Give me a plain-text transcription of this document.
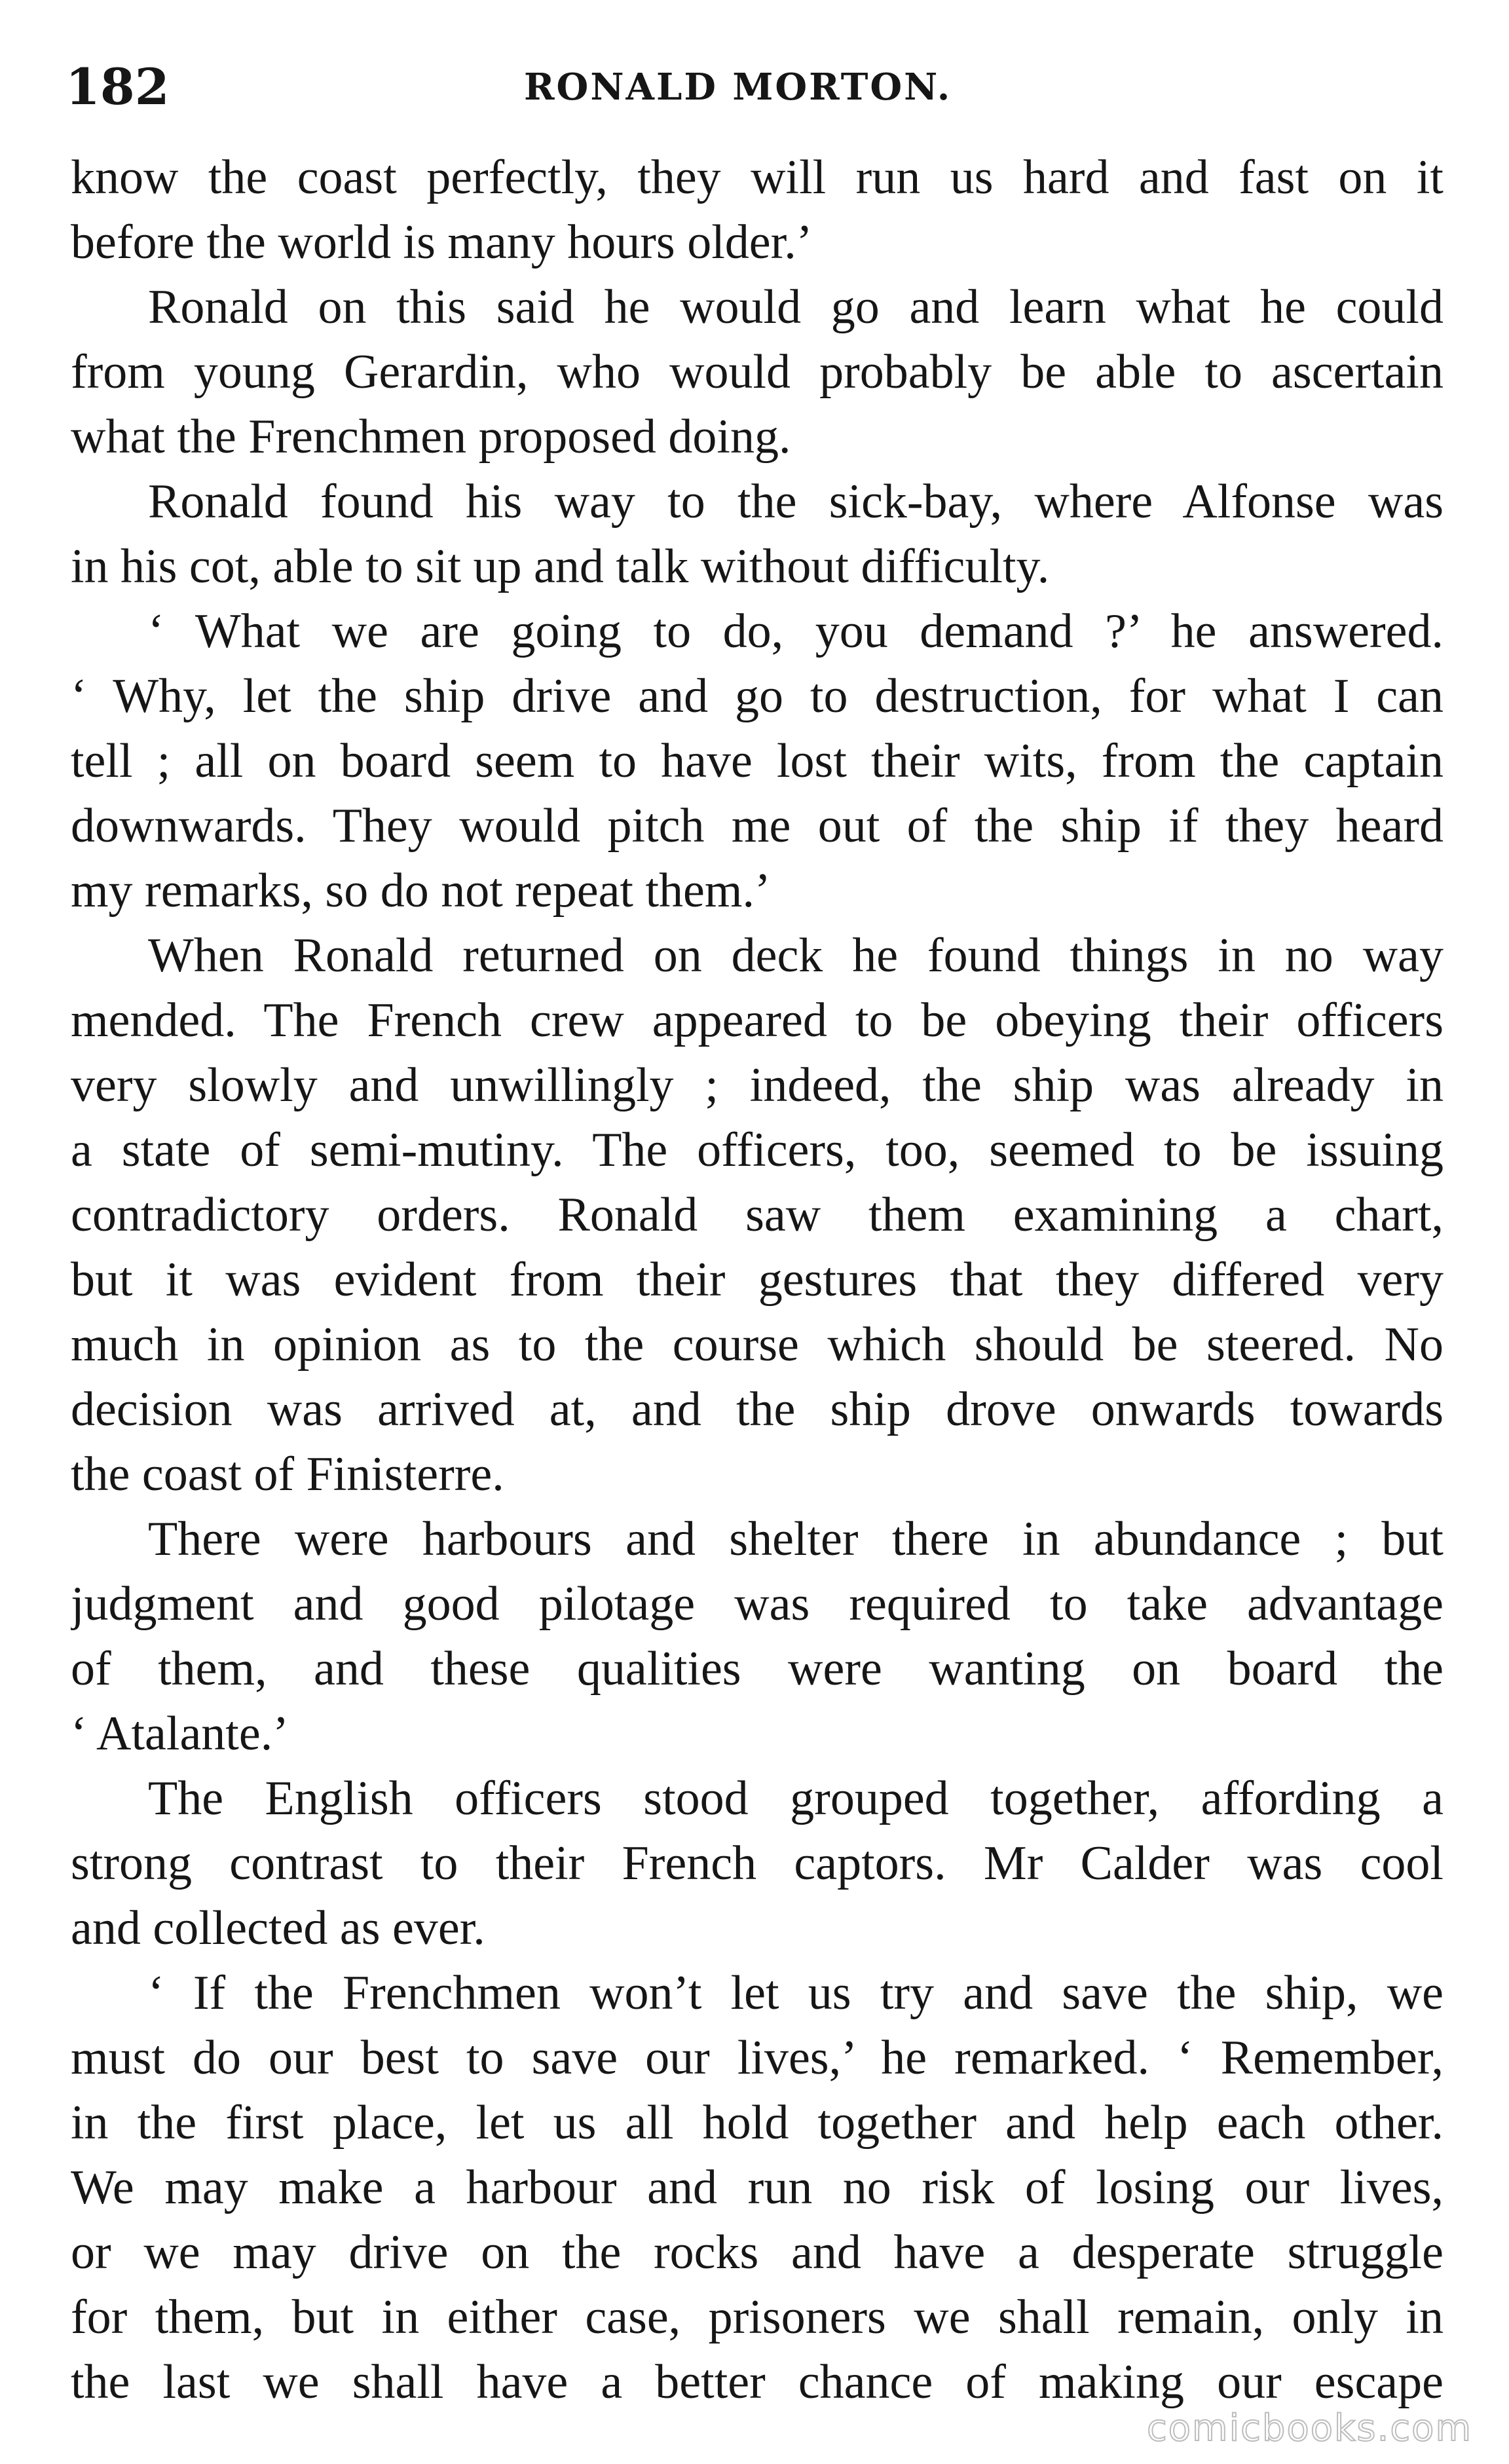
182	RONALD MORTON.
know the coast perfectly, they will run us hard and fast on it
before the world is many hours older.’
Ronald on this said he would go and learn what he could
from young Gerardin, who would probably be able to ascertain
what the Frenchmen proposed doing.
Ronald found his way to the sick-bay, where Alfonse was
in his cot, able to sit up and talk without difficulty.
‘ What we are going to do, you demand ?’ he answered.
‘ Why, let the ship drive and go to destruction, for what I can
tell ; all on board seem to have lost their wits, from the captain
downwards. They would pitch me out of the ship if they heard
my remarks, so do not repeat them.’
When Ronald returned on deck he found things in no way
mended. The French crew appeared to be obeying their officers
very slowly and unwillingly ; indeed, the ship was already in
a state of semi-mutiny. The officers, too, seemed to be issuing
contradictory orders. Ronald saw them examining a chart,
but it was evident from their gestures that they differed very
much in opinion as to the course which should be steered. No
decision was arrived at, and the ship drove onwards towards
the coast of Finisterre.
There were harbours and shelter there in abundance ; but
judgment and good pilotage was required to take advantage
of them, and these qualities were wanting on board the
‘ Atalante.’
The English officers stood grouped together, affording a
strong contrast to their French captors. Mr Calder was cool
and collected as ever.
‘ If the Frenchmen won’t let us try and save the ship, we
must do our best to save our lives,’ he remarked. ‘ Remember,
in the first place, let us all hold together and help each other.
We may make a harbour and run no risk of losing our lives,
or we may drive on the rocks and have a desperate struggle
for them, but in either case, prisoners we shall remain, only in
the last we shall have a better chance of making our escape
comicbooks.com
